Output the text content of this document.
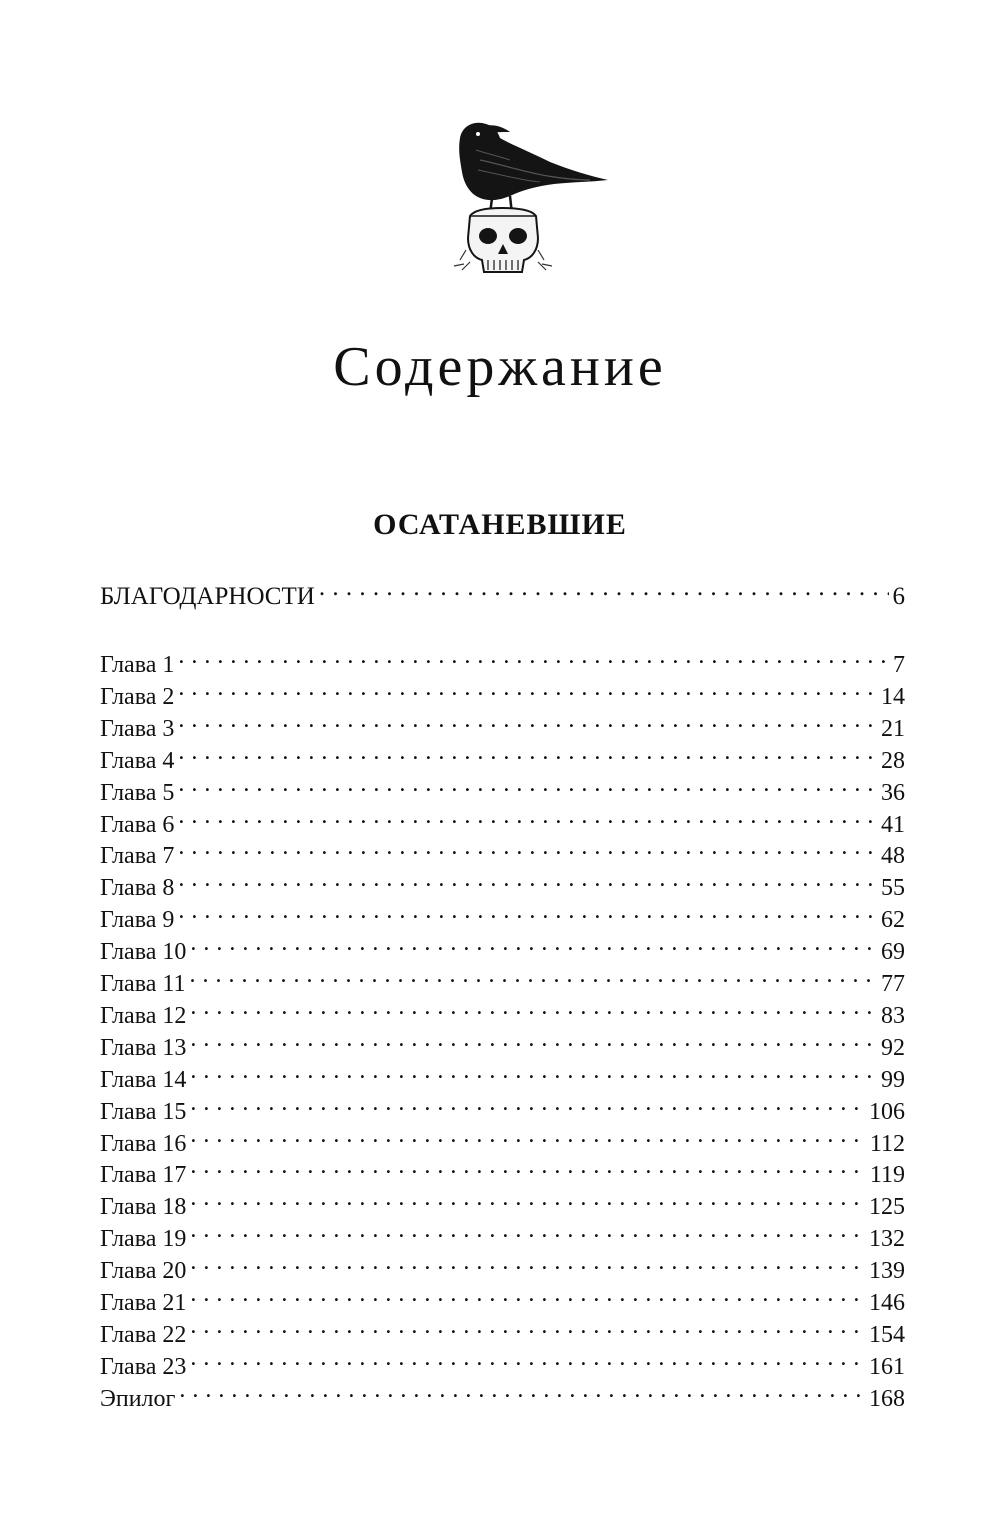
Содержание
ОСАТАНЕВШИЕ
БЛАГОДАРНОСТИ . . .	6
Глава 1 . . .	7
Глава 2 . . .	14
Глава 3 . . .	21
Глава 4 . . .	28
Глава 5 . . .	36
Глава 6 . . .	41
Глава 7 . . .	48
Глава 8 . . .	55
Глава 9 . . .	62
Глава 10 . . .	69
Глава 11 . . .	77
Глава 12 . . .	83
Глава 13 . . .	92
Глава 14 . . .	99
Глава 15 . . .	106
Глава 16 . . .	112
Глава 17 . . .	119
Глава 18 . . .	125
Глава 19 . . .	132
Глава 20 . . .	139
Глава 21 . . .	146
Глава 22 . . .	154
Глава 23 . . .	161
Эпилог . . .	168
